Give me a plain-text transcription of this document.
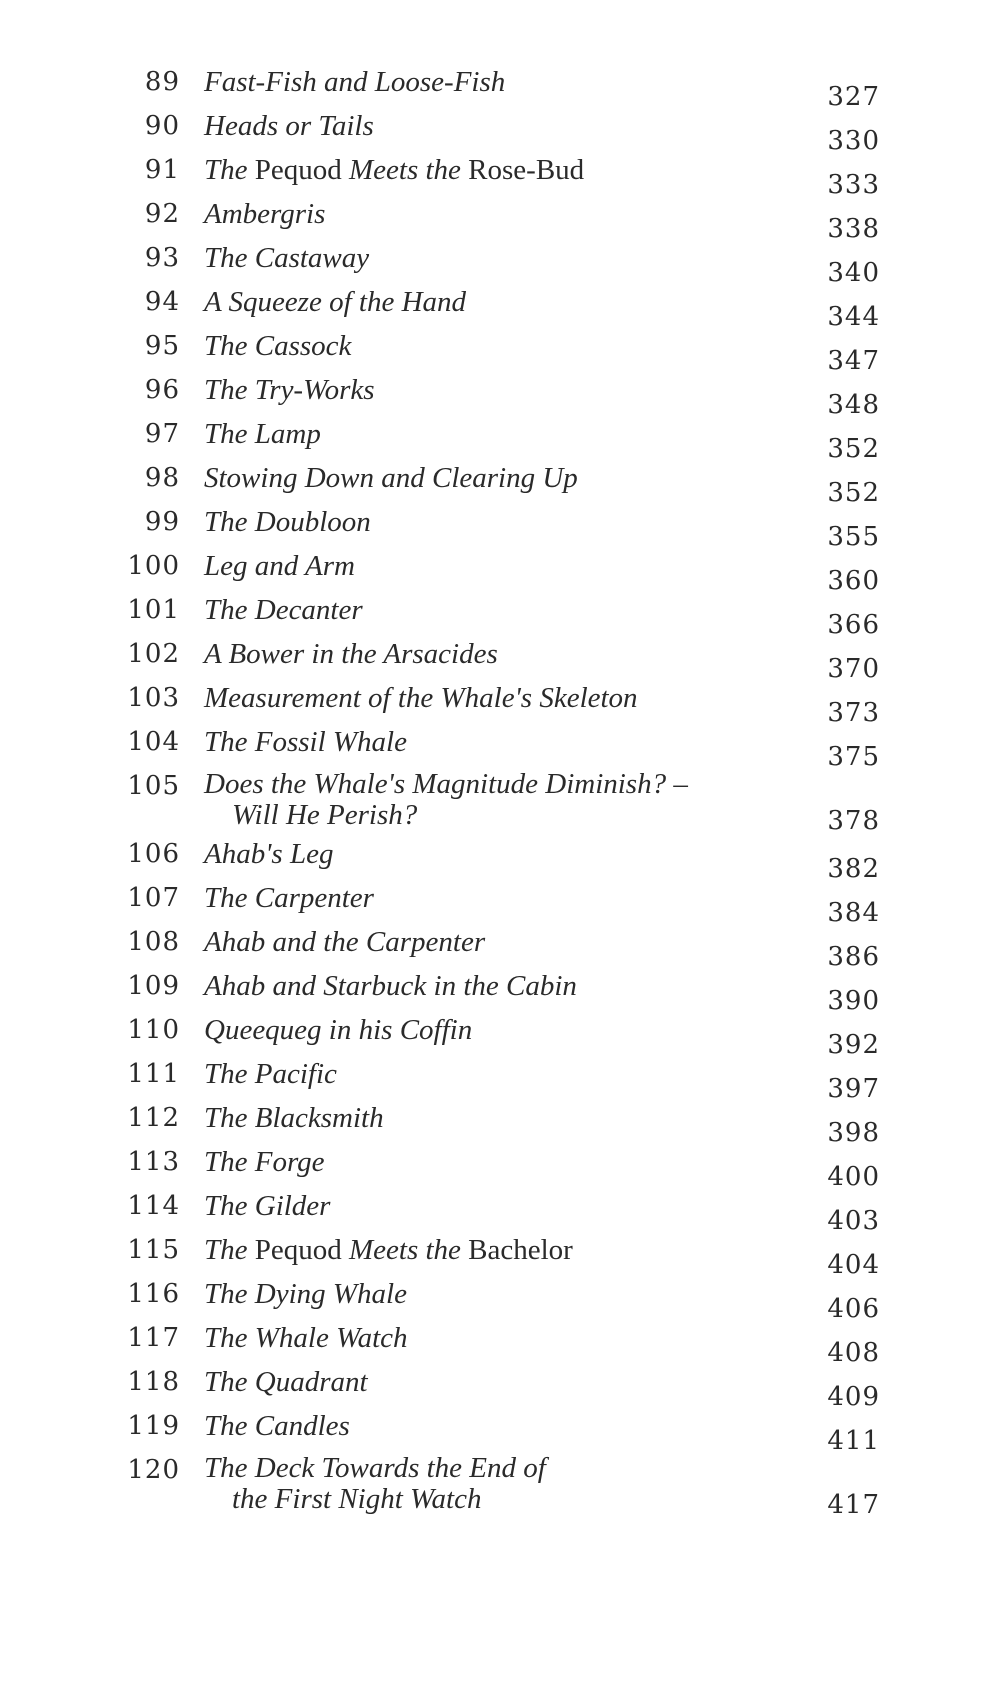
89 Fast-Fish and Loose-Fish	327
90 Heads or Tails	330
91 The Pequod Meets the Rose-Bud	333
92 Ambergris	338
93 The Castaway	340
94 A Squeeze of the Hand	344
95 The Cassock	347
96 The Try-Works	348
97 The Lamp	352
98 Stowing Down and Clearing Up	352
99 The Doubloon	355
100 Leg and Arm	360
101 The Decanter	366
102 A Bower in the Arsacides	370
103 Measurement of the Whale's Skeleton	373
104 The Fossil Whale	375
105 Does the Whale's Magnitude Diminish? –
Will He Perish?	378
106 Ahab's Leg	382
107 The Carpenter	384
108 Ahab and the Carpenter	386
109 Ahab and Starbuck in the Cabin	390
110 Queequeg in his Coffin	392
111 The Pacific	397
112 The Blacksmith	398
113 The Forge	400
114 The Gilder	403
115 The Pequod Meets the Bachelor	404
116 The Dying Whale	406
117 The Whale Watch	408
118 The Quadrant	409
119 The Candles	411
120 The Deck Towards the End of
the First Night Watch	417
